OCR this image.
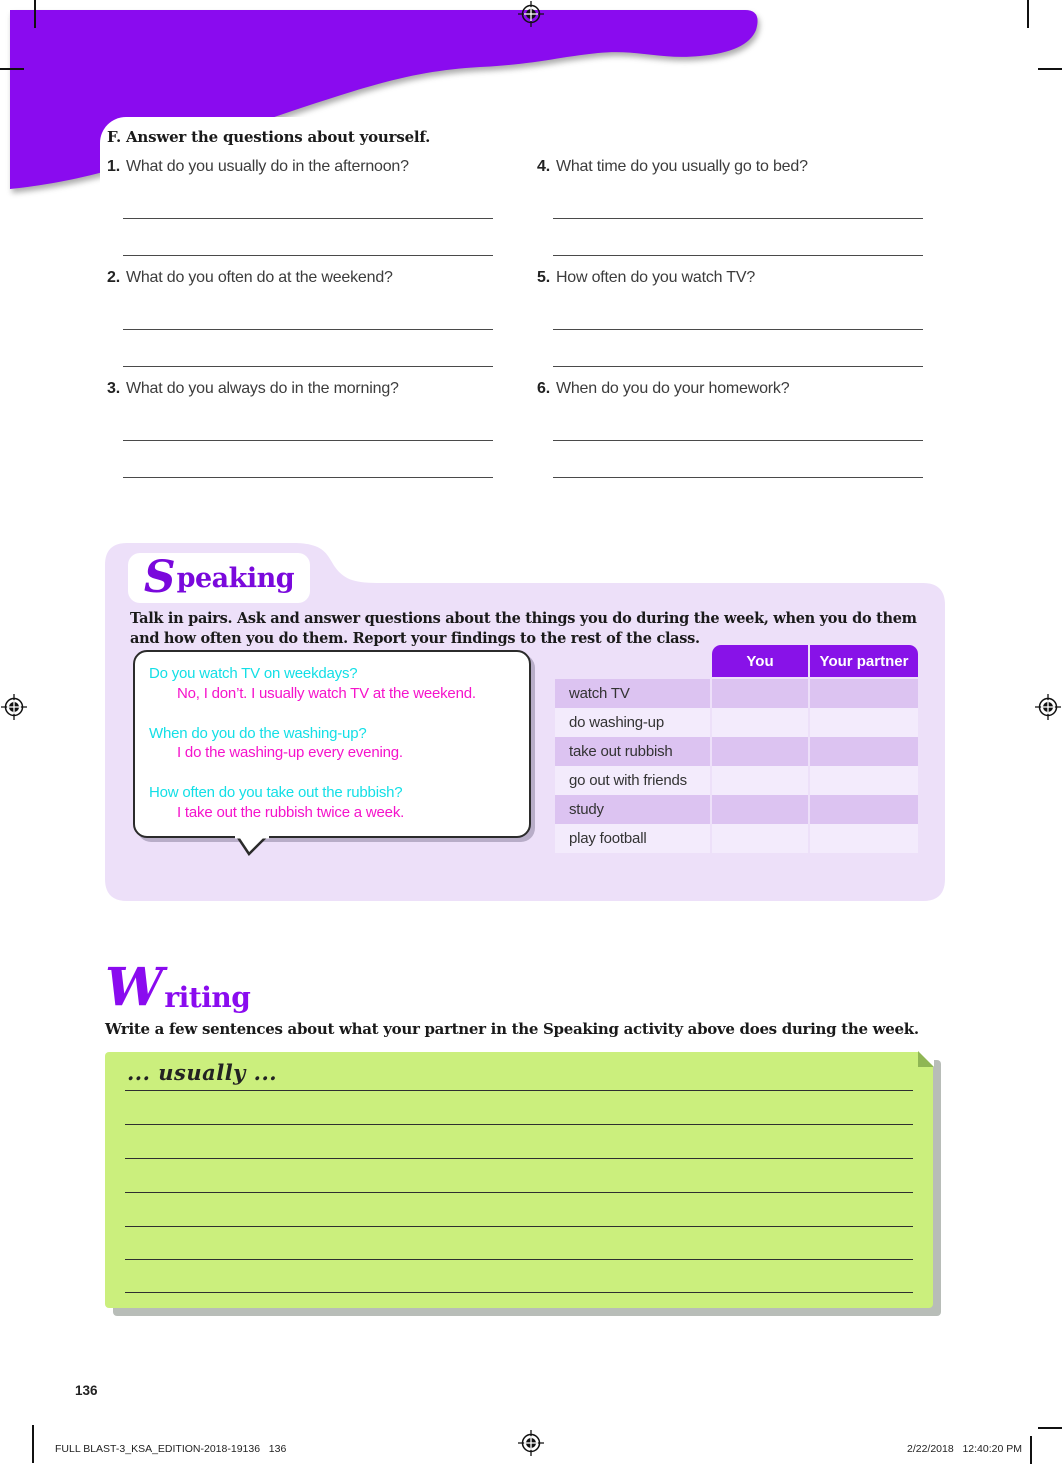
F. Answer the questions about yourself.
1. What do you usually do in the afternoon?
2. What do you often do at the weekend?
3. What do you always do in the morning?
4. What time do you usually go to bed?
5. How often do you watch TV?
6. When do you do your homework?
S peaking
Talk in pairs. Ask and answer questions about the things you do during the week, when you do them and how often you do them. Report your findings to the rest of the class.
Do you watch TV on weekdays?
No, I don’t. I usually watch TV at the weekend.
When do you do the washing-up?
I do the washing-up every evening.
How often do you take out the rubbish?
I take out the rubbish twice a week.
You	Your partner
watch TV
do washing-up
take out rubbish
go out with friends
study
play football
W riting
Write a few sentences about what your partner in the Speaking activity above does during the week.
... usually ...
136
FULL BLAST-3_KSA_EDITION-2018-19136   136	2/22/2018   12:40:20 PM
